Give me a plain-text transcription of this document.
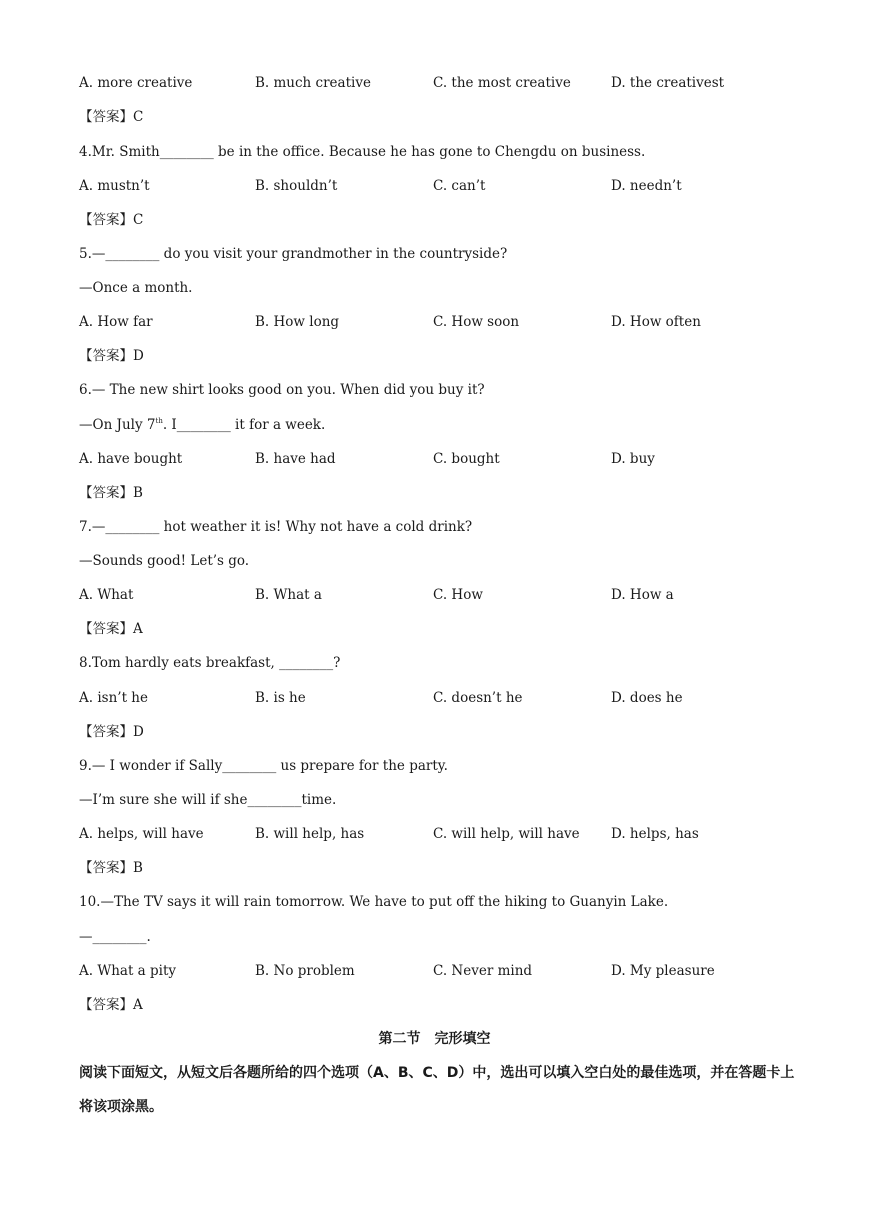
A. more creative	B. much creative	C. the most creative	D. the creativest
【答案】C
4.Mr. Smith________ be in the office. Because he has gone to Chengdu on business.
A. mustn’t	B. shouldn’t	C. can’t	D. needn’t
【答案】C
5.—________ do you visit your grandmother in the countryside?
—Once a month.
A. How far	B. How long	C. How soon	D. How often
【答案】D
6.— The new shirt looks good on you. When did you buy it?
—On July 7th. I________ it for a week.
A. have bought	B. have had	C. bought	D. buy
【答案】B
7.—________ hot weather it is! Why not have a cold drink?
—Sounds good! Let’s go.
A. What	B. What a	C. How	D. How a
【答案】A
8.Tom hardly eats breakfast, ________?
A. isn’t he	B. is he	C. doesn’t he	D. does he
【答案】D
9.— I wonder if Sally________ us prepare for the party.
—I’m sure she will if she________time.
A. helps, will have	B. will help, has	C. will help, will have D. helps, has
【答案】B
10.—The TV says it will rain tomorrow. We have to put off the hiking to Guanyin Lake.
—________.
A. What a pity	B. No problem	C. Never mind	D. My pleasure
【答案】A
第二节　完形填空
阅读下面短文，从短文后各题所给的四个选项（A、B、C、D）中，选出可以填入空白处的最佳选项，并在答题卡上将该项涂黑。
